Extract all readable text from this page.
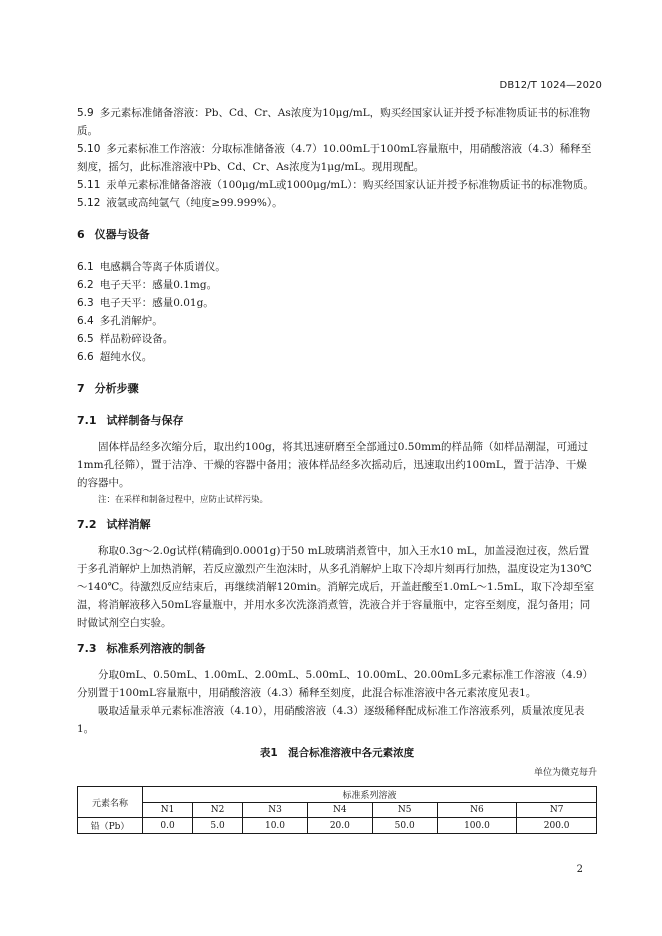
DB12/T 1024—2020

5.9 多元素标准储备溶液：Pb、Cd、Cr、As浓度为10μg/mL，购买经国家认证并授予标准物质证书的标准物质。

5.10 多元素标准工作溶液：分取标准储备液（4.7）10.00mL于100mL容量瓶中，用硝酸溶液（4.3）稀释至刻度，摇匀，此标准溶液中Pb、Cd、Cr、As浓度为1μg/mL。现用现配。

5.11 汞单元素标准储备溶液（100μg/mL或1000μg/mL）：购买经国家认证并授予标准物质证书的标准物质。

5.12 液氩或高纯氩气（纯度≥99.999%）。

6 仪器与设备

6.1 电感耦合等离子体质谱仪。

6.2 电子天平：感量0.1mg。

6.3 电子天平：感量0.01g。

6.4 多孔消解炉。

6.5 样品粉碎设备。

6.6 超纯水仪。

7 分析步骤

7.1 试样制备与保存

固体样品经多次缩分后，取出约100g，将其迅速研磨至全部通过0.50mm的样品筛（如样品潮湿，可通过1mm孔径筛），置于洁净、干燥的容器中备用；液体样品经多次摇动后，迅速取出约100mL，置于洁净、干燥的容器中。

注：在采样和制备过程中，应防止试样污染。

7.2 试样消解

称取0.3g～2.0g试样(精确到0.0001g)于50 mL玻璃消煮管中，加入王水10 mL，加盖浸泡过夜，然后置于多孔消解炉上加热消解，若反应激烈产生泡沫时，从多孔消解炉上取下冷却片刻再行加热，温度设定为130℃～140℃。待激烈反应结束后，再继续消解120min。消解完成后，开盖赶酸至1.0mL～1.5mL，取下冷却至室温，将消解液移入50mL容量瓶中，并用水多次洗涤消煮管，洗液合并于容量瓶中，定容至刻度，混匀备用；同时做试剂空白实验。

7.3 标准系列溶液的制备

分取0mL、0.50mL、1.00mL、2.00mL、5.00mL、10.00mL、20.00mL多元素标准工作溶液（4.9）分别置于100mL容量瓶中，用硝酸溶液（4.3）稀释至刻度，此混合标准溶液中各元素浓度见表1。

吸取适量汞单元素标准溶液（4.10），用硝酸溶液（4.3）逐级稀释配成标准工作溶液系列，质量浓度见表1。

表1　混合标准溶液中各元素浓度

单位为微克每升

元素名称	标准系列溶液						
	N1	N2	N3	N4	N5	N6	N7
铅（Pb）	0.0	5.0	10.0	20.0	50.0	100.0	200.0
2
